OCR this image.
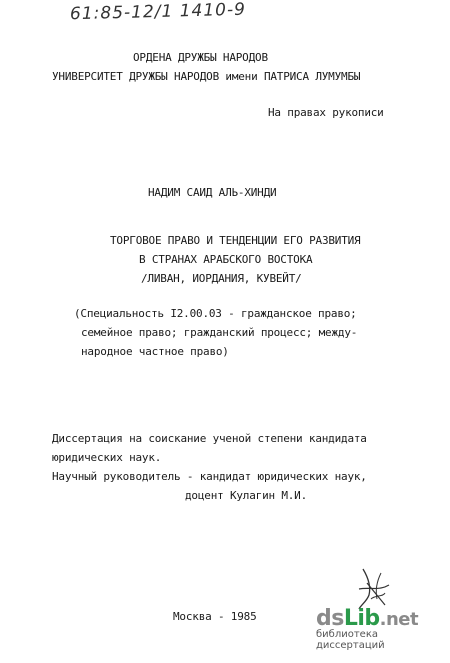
61:85-12/1 1410-9
ОРДЕНА ДРУЖБЫ НАРОДОВ
УНИВЕРСИТЕТ ДРУЖБЫ НАРОДОВ имени ПАТРИСА ЛУМУМБЫ
На правах рукописи
НАДИМ САИД АЛЬ-ХИНДИ
ТОРГОВОЕ ПРАВО И ТЕНДЕНЦИИ ЕГО РАЗВИТИЯ
В СТРАНАХ АРАБСКОГО ВОСТОКА
/ЛИВАН, ИОРДАНИЯ, КУВЕЙТ/
(Специальность I2.00.03 - гражданское право;
семейное право; гражданский процесс; между-
народное частное право)
Диссертация на соискание ученой степени кандидата
юридических наук.
Научный руководитель - кандидат юридических наук,
доцент Кулагин М.И.
Москва - 1985	dsLib.net
библиотека диссертаций
